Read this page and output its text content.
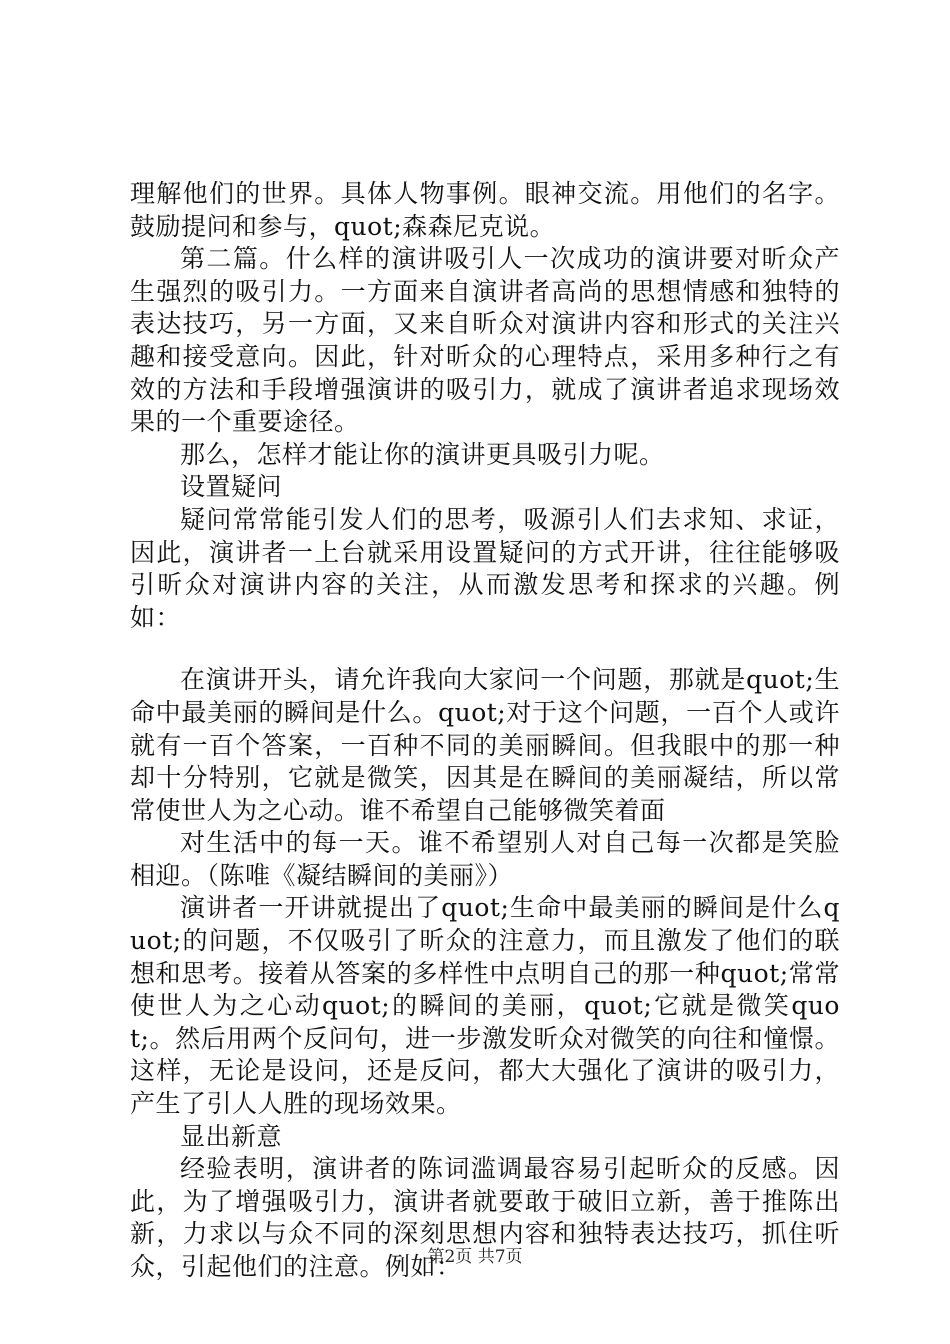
理解他们的世界。具体人物事例。眼神交流。用他们的名字。鼓励提问和参与，quot;森森尼克说。

第二篇。什么样的演讲吸引人一次成功的演讲要对昕众产生强烈的吸引力。一方面来自演讲者高尚的思想情感和独特的表达技巧，另一方面，又来自昕众对演讲内容和形式的关注兴趣和接受意向。因此，针对昕众的心理特点，采用多种行之有效的方法和手段增强演讲的吸引力，就成了演讲者追求现场效果的一个重要途径。

那么，怎样才能让你的演讲更具吸引力呢。

设置疑问

疑问常常能引发人们的思考，吸源引人们去求知、求证，因此，演讲者一上台就采用设置疑问的方式开讲，往往能够吸引昕众对演讲内容的关注，从而激发思考和探求的兴趣。例如：

在演讲开头，请允许我向大家问一个问题，那就是quot;生命中最美丽的瞬间是什么。quot;对于这个问题，一百个人或许就有一百个答案，一百种不同的美丽瞬间。但我眼中的那一种却十分特别，它就是微笑，因其是在瞬间的美丽凝结，所以常常使世人为之心动。谁不希望自己能够微笑着面

对生活中的每一天。谁不希望别人对自己每一次都是笑脸相迎。（陈唯《凝结瞬间的美丽》）

演讲者一开讲就提出了quot;生命中最美丽的瞬间是什么quot;的问题，不仅吸引了昕众的注意力，而且激发了他们的联想和思考。接着从答案的多样性中点明自己的那一种quot;常常使世人为之心动quot;的瞬间的美丽，quot;它就是微笑quot;。然后用两个反问句，进一步激发昕众对微笑的向往和憧憬。这样，无论是设问，还是反问，都大大强化了演讲的吸引力，产生了引人人胜的现场效果。

显出新意

经验表明，演讲者的陈词滥调最容易引起昕众的反感。因此，为了增强吸引力，演讲者就要敢于破旧立新，善于推陈出新，力求以与众不同的深刻思想内容和独特表达技巧，抓住听众，引起他们的注意。例如：

第2页 共7页
